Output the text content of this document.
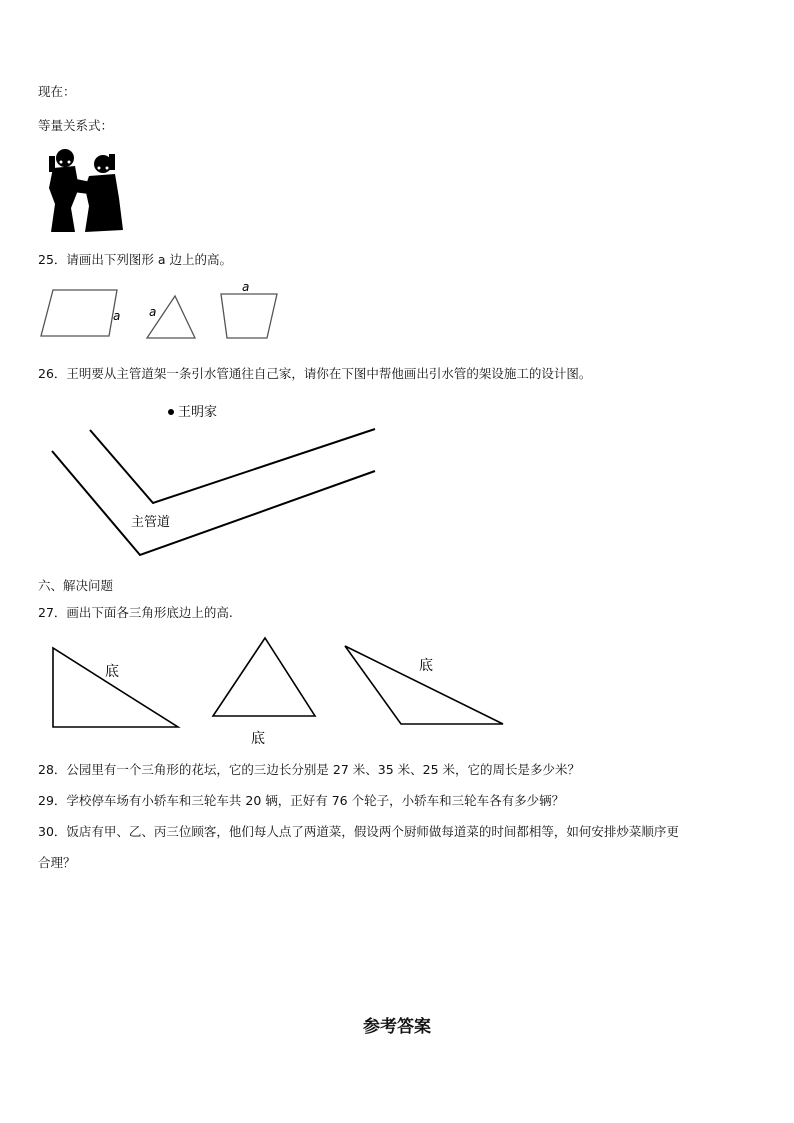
现在：
等量关系式：
25．请画出下列图形 a 边上的高。
a a
a
26．王明要从主管道架一条引水管通往自己家，请你在下图中帮他画出引水管的架设施工的设计图。
王明家
主管道
六、解决问题
27．画出下面各三角形底边上的高.
底
底
底
28．公园里有一个三角形的花坛，它的三边长分别是 27 米、35 米、25 米，它的周长是多少米？
29．学校停车场有小轿车和三轮车共 20 辆，正好有 76 个轮子，小轿车和三轮车各有多少辆？
30．饭店有甲、乙、丙三位顾客，他们每人点了两道菜，假设两个厨师做每道菜的时间都相等，如何安排炒菜顺序更
合理？
参考答案
